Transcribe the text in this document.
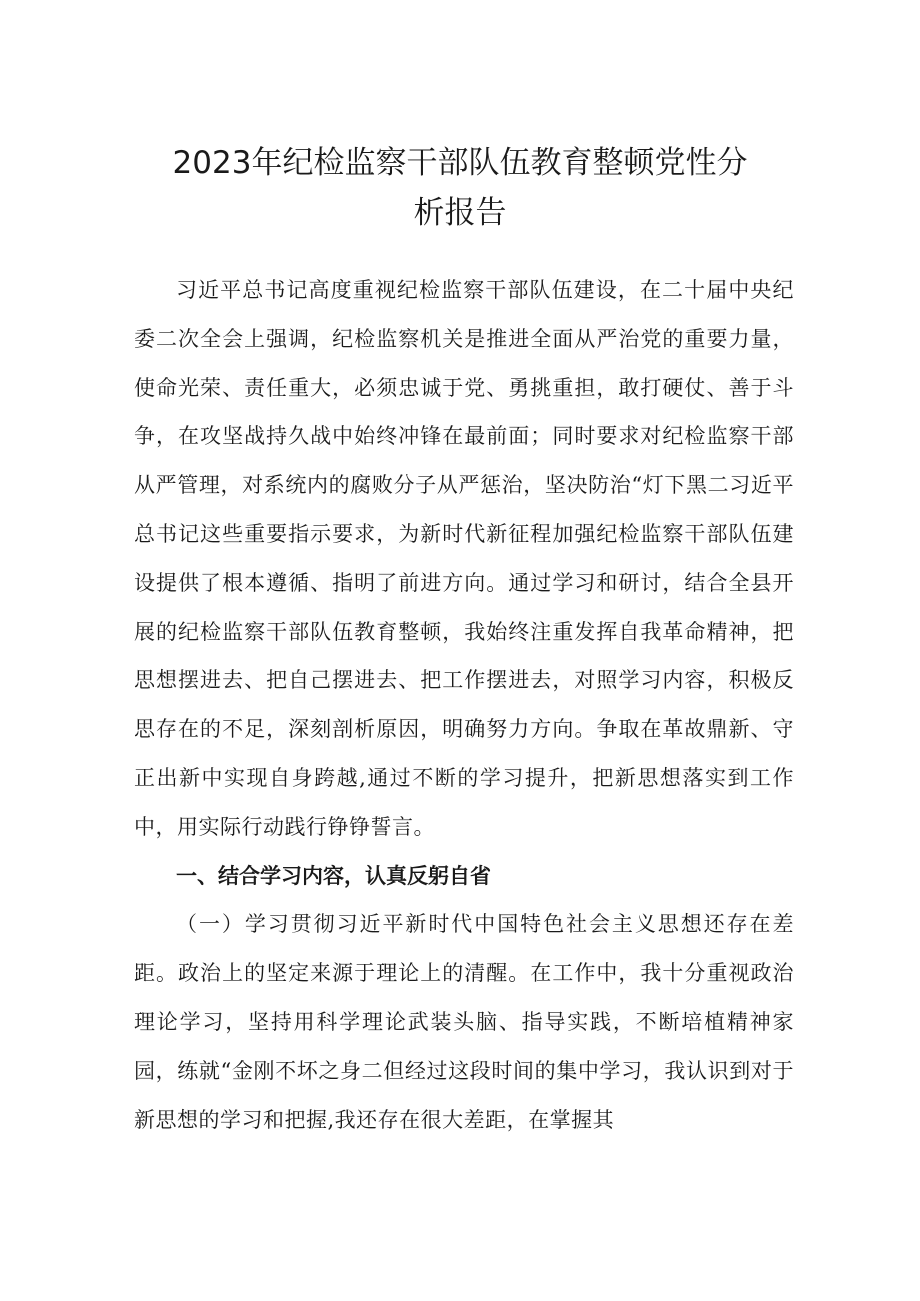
2023年纪检监察干部队伍教育整顿党性分
析报告

习近平总书记高度重视纪检监察干部队伍建设，在二十届中央纪委二次全会上强调，纪检监察机关是推进全面从严治党的重要力量，使命光荣、责任重大，必须忠诚于党、勇挑重担，敢打硬仗、善于斗争，在攻坚战持久战中始终冲锋在最前面；同时要求对纪检监察干部从严管理，对系统内的腐败分子从严惩治，坚决防治“灯下黑二习近平总书记这些重要指示要求，为新时代新征程加强纪检监察干部队伍建设提供了根本遵循、指明了前进方向。通过学习和研讨，结合全县开展的纪检监察干部队伍教育整顿，我始终注重发挥自我革命精神，把思想摆进去、把自己摆进去、把工作摆进去，对照学习内容，积极反思存在的不足，深刻剖析原因，明确努力方向。争取在革故鼎新、守正出新中实现自身跨越,通过不断的学习提升，把新思想落实到工作中，用实际行动践行铮铮誓言。

一、结合学习内容，认真反躬自省

（一）学习贯彻习近平新时代中国特色社会主义思想还存在差距。政治上的坚定来源于理论上的清醒。在工作中，我十分重视政治理论学习，坚持用科学理论武装头脑、指导实践，不断培植精神家园，练就“金刚不坏之身二但经过这段时间的集中学习，我认识到对于新思想的学习和把握,我还存在很大差距，在掌握其
